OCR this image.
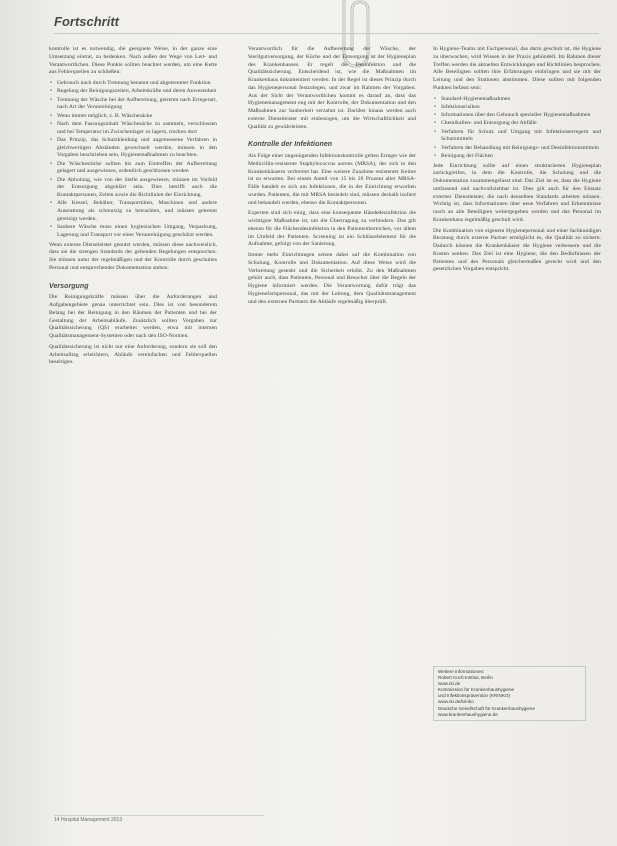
Fortschritt

kontrolle ist es notwendig, die geeignete Weise, in der ganze eine Umsetzung eintrat, zu bedenken. Nach außen der Wege von Leit- und Verantwortlichen. Diese Punkte sollten beachtet werden, um eine Kette aus Fehlerquellen zu schließen:

• Gebrauch nach durch Trennung benannt und abgetrennter Funktion
• Regelung der Reinigungszeiten, Arbeitskräfte und deren Anwesenheit
• Trennung der Wäsche bei der Aufbereitung, getrennt nach Erregerart, nach Art der Verunreinigung
• Wenn immer möglich, z. B. Wäschesäcke
• Nach dem Fassungsinhalt Wäschesäcke zu sammeln, verschlossen und bei Temperatur im Zwischenlager so lagern, trocken dort
• Das Prinzip, das Schutzkleidung und angemessene Verfahren in gleichwertigen Abständen gewechselt werden, müssen in den Vorgaben beschrieben sein, Hygienemaßnahmen zu beachten.
• Die Wäschestücke sollten bis zum Eintreffen der Aufbereitung gelagert und ausgewiesen, ordentlich geschlossen werden
• Die Abholung, wie von der Stelle ausgewiesen, müssen im Vorfeld der Entsorgung abgeklärt sein. Dies betrifft auch die Kontaktpersonen, Zeiten sowie die Richtlinien der Einrichtung.
• Alle Kessel, Behälter, Transporttüten, Maschinen und andere Ausstattung als schmutzig zu betrachten, und müssen getrennt gereinigt werden.
• Saubere Wäsche muss einen hygienischen Umgang, Verpackung, Lagerung und Transport vor einer Verunreinigung geschützt werden.

Wenn externe Dienstleister genutzt werden, müssen diese nachweislich, dass sie die strengen Standards der geltenden Regelungen entsprechen. Sie müssen unter der regelmäßigen und der Kontrolle durch geschultes Personal und entsprechender Dokumentation stehen.

Versorgung

Die Reinigungskräfte müssen über die Anforderungen und Aufgabengebiete genau unterrichtet sein. Dies ist von besonderem Belang bei der Reinigung in den Räumen der Patienten und bei der Gestaltung der Arbeitsabläufe. Zusätzlich sollten Vorgaben zur Qualitätssicherung (QS) erarbeitet werden, etwa mit internen Qualitätsmanagement-Systemen oder nach den ISO-Normen.

Qualitätssicherung ist nicht nur eine Anforderung, sondern sie soll den Arbeitsalltag erleichtern, Abläufe vereinfachen und Fehlerquellen beseitigen.

Verantwortlich für die Aufbereitung der Wäsche, der Sterilgutversorgung, der Küche und der Entsorgung ist der Hygieneplan des Krankenhauses. Er regelt die Desinfektion und die Qualitätssicherung. Entscheidend ist, wie die Maßnahmen im Krankenhaus dokumentiert werden. In der Regel ist dieses Prinzip durch das Hygienepersonal festzulegen, und zwar im Rahmen der Vorgaben. Aus der Sicht der Verantwortlichen kommt es darauf an, dass das Hygienemanagement eng mit der Kontrolle, der Dokumentation und den Maßnahmen zur Sauberkeit verzahnt ist. Darüber hinaus werden auch externe Dienstleister mit einbezogen, um die Wirtschaftlichkeit und Qualität zu gewährleisten.

Kontrolle der Infektionen

Als Folge einer ungenügenden Infektionskontrolle gelten Erreger wie der Methicillin-resistente Staphylococcus aureus (MRSA), der sich in den Krankenhäusern verbreitet hat. Eine weitere Zunahme resistenter Keime ist zu erwarten. Bei einem Anteil von 15 bis 20 Prozent aller MRSA-Fälle handelt es sich um Infektionen, die in der Einrichtung erworben wurden. Patienten, die mit MRSA besiedelt sind, müssen deshalb isoliert und behandelt werden, ebenso die Kontaktpersonen.

Experten sind sich einig, dass eine konsequente Händedesinfektion die wichtigste Maßnahme ist, um die Übertragung zu verhindern. Das gilt ebenso für die Flächendesinfektion in den Patientenbereichen, vor allem im Umfeld der Patienten. Screening ist ein Schlüsselelement für die Aufnahme, gefolgt von der Sanierung.

Immer mehr Einrichtungen setzen dabei auf die Kombination von Schulung, Kontrolle und Dokumentation. Auf diese Weise wird die Verbreitung gesenkt und die Sicherheit erhöht. Zu den Maßnahmen gehört auch, dass Patienten, Personal und Besucher über die Regeln der Hygiene informiert werden. Die Verantwortung dafür trägt das Hygienefachpersonal, das mit der Leitung, dem Qualitätsmanagement und den externen Partnern die Abläufe regelmäßig überprüft.

In Hygiene-Teams mit Fachpersonal, das darin geschult ist, die Hygiene zu überwachen, wird Wissen in der Praxis gebündelt. Im Rahmen dieser Treffen werden die aktuellen Entwicklungen und Richtlinien besprochen. Alle Beteiligten sollten ihre Erfahrungen einbringen und sie mit der Leitung und den Stationen abstimmen. Diese sollten mit folgenden Punkten befasst sein:

• Standard-Hygienemaßnahmen
• Infektionsrisiken
• Informationen über den Gebrauch spezieller Hygienemaßnahmen
• Chemikalien- und Entsorgung der Abfälle
• Verfahren für Schutz und Umgang mit Infektionserregern und Schutzmitteln
• Verfahren der Behandlung mit Reinigungs- und Desinfektionsmitteln
• Reinigung der Flächen

Jede Einrichtung sollte auf einen strukturierten Hygieneplan zurückgreifen, in dem die Kontrolle, die Schulung und die Dokumentation zusammengefasst sind. Das Ziel ist es, dass die Hygiene umfassend und nachvollziehbar ist. Dies gilt auch für den Einsatz externer Dienstleister, die nach denselben Standards arbeiten müssen. Wichtig ist, dass Informationen über neue Verfahren und Erkenntnisse rasch an alle Beteiligten weitergegeben werden und das Personal im Krankenhaus regelmäßig geschult wird.

Die Kombination von eigenem Hygienepersonal und einer fachkundigen Beratung durch externe Partner ermöglicht es, die Qualität zu sichern. Dadurch können die Krankenhäuser die Hygiene verbessern und die Kosten senken. Das Ziel ist eine Hygiene, die den Bedürfnissen der Patienten und des Personals gleichermaßen gerecht wird und den gesetzlichen Vorgaben entspricht.

Weitere Informationen:
Robert Koch-Institut, Berlin
www.rki.de
Kommission für Krankenhaushygiene
und Infektionsprävention (KRINKO)
www.rki.de/krinko
Deutsche Gesellschaft für Krankenhaushygiene
www.krankenhaushygiene.de
14 Hospital Management 2013
